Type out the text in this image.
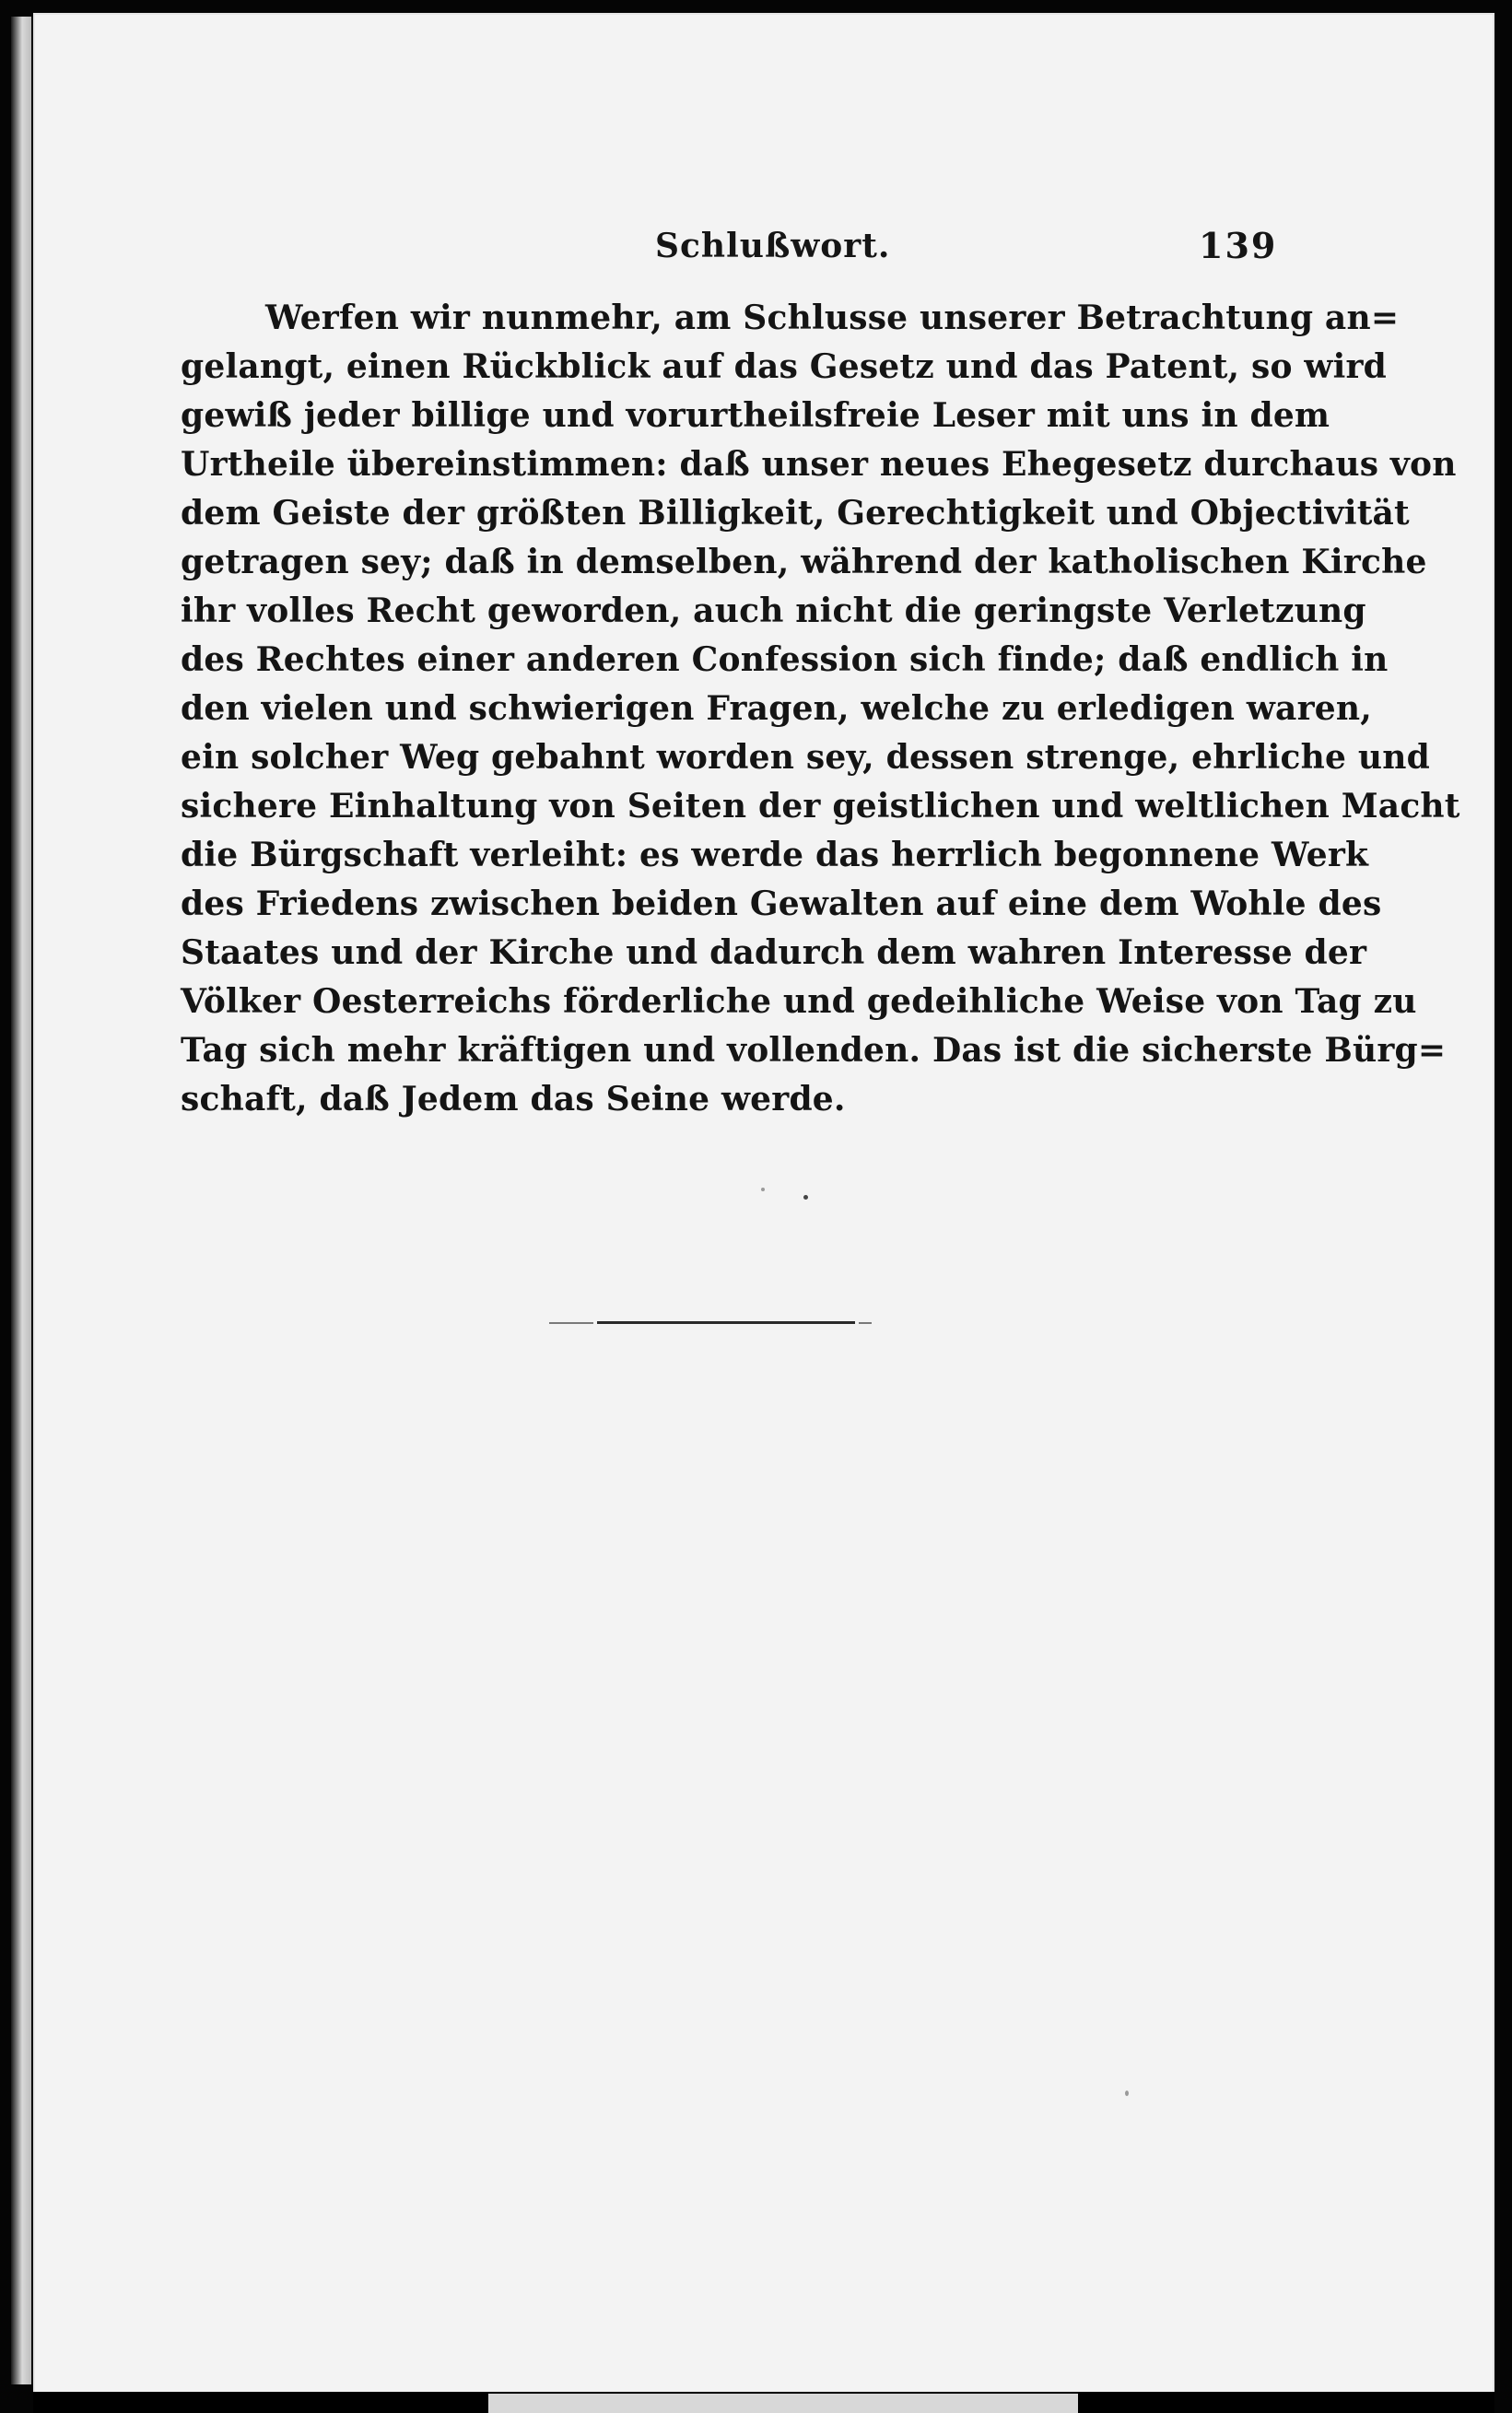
Schlußwort.	139
Werfen wir nunmehr, am Schlusse unserer Betrachtung an=
gelangt, einen Rückblick auf das Gesetz und das Patent, so wird
gewiß jeder billige und vorurtheilsfreie Leser mit uns in dem
Urtheile übereinstimmen: daß unser neues Ehegesetz durchaus von
dem Geiste der größten Billigkeit, Gerechtigkeit und Objectivität
getragen sey; daß in demselben, während der katholischen Kirche
ihr volles Recht geworden, auch nicht die geringste Verletzung
des Rechtes einer anderen Confession sich finde; daß endlich in
den vielen und schwierigen Fragen, welche zu erledigen waren,
ein solcher Weg gebahnt worden sey, dessen strenge, ehrliche und
sichere Einhaltung von Seiten der geistlichen und weltlichen Macht
die Bürgschaft verleiht: es werde das herrlich begonnene Werk
des Friedens zwischen beiden Gewalten auf eine dem Wohle des
Staates und der Kirche und dadurch dem wahren Interesse der
Völker Oesterreichs förderliche und gedeihliche Weise von Tag zu
Tag sich mehr kräftigen und vollenden. Das ist die sicherste Bürg=
schaft, daß Jedem das Seine werde.
